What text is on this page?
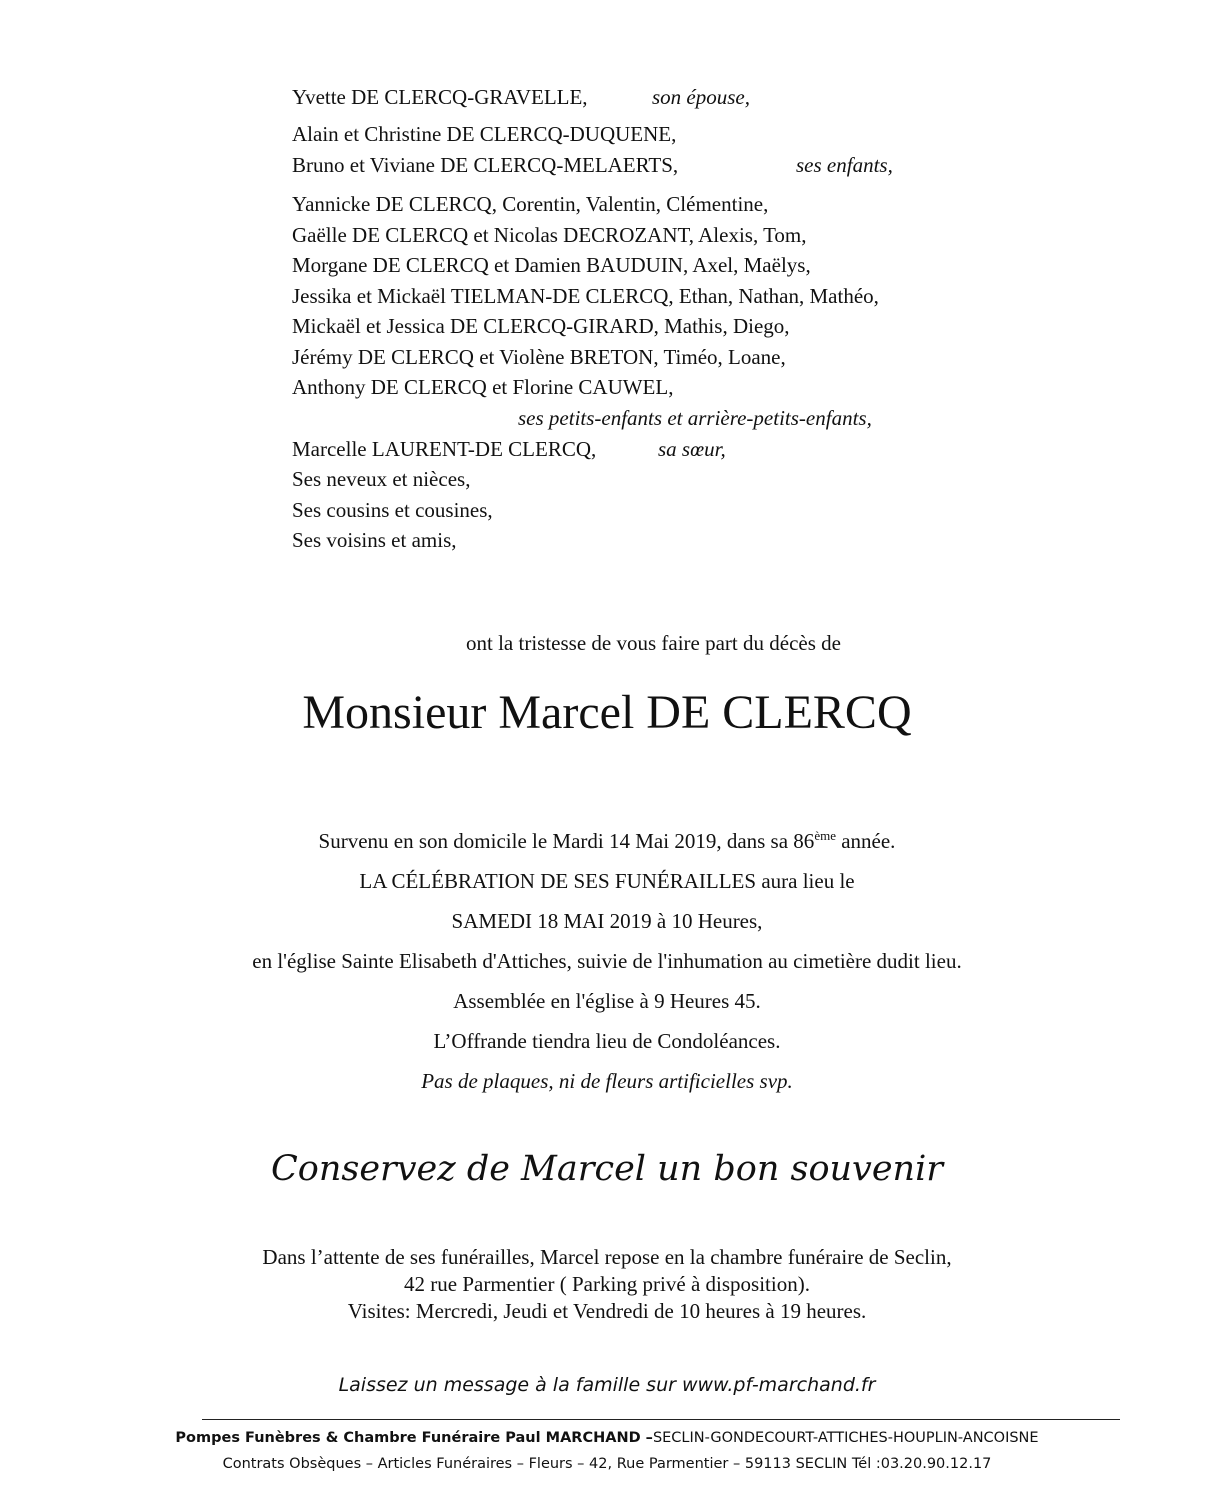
Yvette DE CLERCQ-GRAVELLE,	son épouse,
Alain et Christine DE CLERCQ-DUQUENE,
Bruno et Viviane DE CLERCQ-MELAERTS,	ses enfants,
Yannicke DE CLERCQ, Corentin, Valentin, Clémentine,
Gaëlle DE CLERCQ et Nicolas DECROZANT, Alexis, Tom,
Morgane DE CLERCQ et Damien BAUDUIN, Axel, Maëlys,
Jessika et Mickaël TIELMAN-DE CLERCQ, Ethan, Nathan, Mathéo,
Mickaël et Jessica DE CLERCQ-GIRARD, Mathis, Diego,
Jérémy DE CLERCQ et Violène BRETON, Timéo, Loane,
Anthony DE CLERCQ et Florine CAUWEL,
ses petits-enfants et arrière-petits-enfants,
Marcelle LAURENT-DE CLERCQ,	sa sœur,
Ses neveux et nièces,
Ses cousins et cousines,
Ses voisins et amis,
ont la tristesse de vous faire part du décès de
Monsieur Marcel DE CLERCQ
Survenu en son domicile le Mardi 14 Mai 2019, dans sa 86ème année.
LA CÉLÉBRATION DE SES FUNÉRAILLES aura lieu le
SAMEDI 18 MAI 2019 à 10 Heures,
en l'église Sainte Elisabeth d'Attiches, suivie de l'inhumation au cimetière dudit lieu.
Assemblée en l'église à 9 Heures 45.
L’Offrande tiendra lieu de Condoléances.
Pas de plaques, ni de fleurs artificielles svp.
Conservez de Marcel un bon souvenir
Dans l’attente de ses funérailles, Marcel repose en la chambre funéraire de Seclin,
42 rue Parmentier ( Parking privé à disposition).
Visites: Mercredi, Jeudi et Vendredi de 10 heures à 19 heures.
Laissez un message à la famille sur www.pf-marchand.fr
Pompes Funèbres & Chambre Funéraire Paul MARCHAND –SECLIN-GONDECOURT-ATTICHES-HOUPLIN-ANCOISNE
Contrats Obsèques – Articles Funéraires – Fleurs – 42, Rue Parmentier – 59113 SECLIN Tél :03.20.90.12.17
